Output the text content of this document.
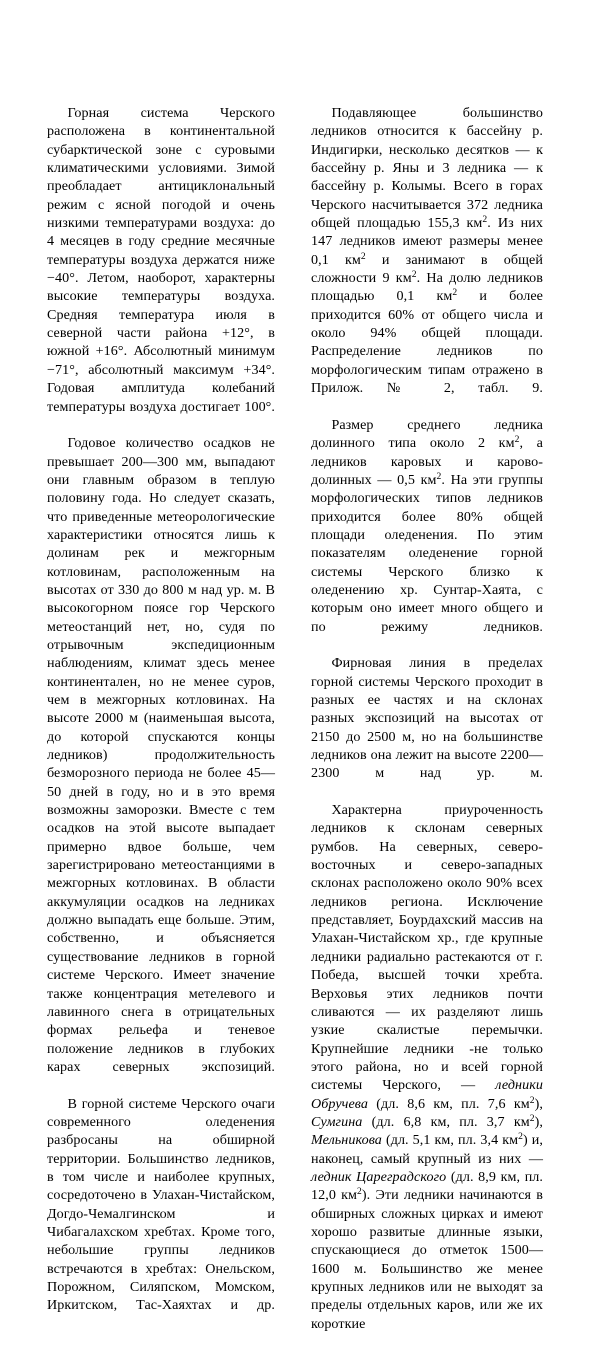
Горная система Черского расположена в континентальной субарктической зоне с суровыми климатическими условиями. Зимой преобладает антициклональный режим с ясной погодой и очень низкими температурами воздуха: до 4 месяцев в году средние месячные температуры воздуха держатся ниже −40°. Летом, наоборот, характерны высокие температуры воздуха. Средняя температура июля в северной части района +12°, в южной +16°. Абсолютный минимум −71°, абсолютный максимум +34°. Годовая амплитуда колебаний температуры воздуха достигает 100°.

Годовое количество осадков не превышает 200—300 мм, выпадают они главным образом в теплую половину года. Но следует сказать, что приведенные метеорологические характеристики относятся лишь к долинам рек и межгорным котловинам, расположенным на высотах от 330 до 800 м над ур. м. В высокогорном поясе гор Черского метеостанций нет, но, судя по отрывочным экспедиционным наблюдениям, климат здесь менее континентален, но не менее суров, чем в межгорных котловинах. На высоте 2000 м (наименьшая высота, до которой спускаются концы ледников) продолжительность безморозного периода не более 45—50 дней в году, но и в это время возможны заморозки. Вместе с тем осадков на этой высоте выпадает примерно вдвое больше, чем зарегистрировано метеостанциями в межгорных котловинах. В области аккумуляции осадков на ледниках должно выпадать еще больше. Этим, собственно, и объясняется существование ледников в горной системе Черского. Имеет значение также концентрация метелевого и лавинного снега в отрицательных формах рельефа и теневое положение ледников в глубоких карах северных экспозиций.

В горной системе Черского очаги современного оледенения разбросаны на обширной территории. Большинство ледников, в том числе и наиболее крупных, сосредоточено в Улахан-Чистайском, Догдо-Чемалгинском и Чибагалахском хребтах. Кроме того, небольшие группы ледников встречаются в хребтах: Онельском, Порожном, Силяпском, Момском, Иркитском, Тас-Хаяхтах и др.

Подавляющее большинство ледников относится к бассейну р. Индигирки, несколько десятков — к бассейну р. Яны и 3 ледника — к бассейну р. Колымы. Всего в горах Черского насчитывается 372 ледника общей площадью 155,3 $км^2$. Из них 147 ледников имеют размеры менее 0,1 $км^2$ и занимают в общей сложности 9 $км^2$. На долю ледников площадью 0,1 $км^2$ и более приходится 60% от общего числа и около 94% общей площади. Распределение ледников по морфологическим типам отражено в Прилож. № 2, табл. 9.

Размер среднего ледника долинного типа около 2 $км^2$, а ледников каровых и карово-долинных — 0,5 $км^2$. На эти группы морфологических типов ледников приходится более 80% общей площади оледенения. По этим показателям оледенение горной системы Черского близко к оледенению хр. Сунтар-Хаята, с которым оно имеет много общего и по режиму ледников.

Фирновая линия в пределах горной системы Черского проходит в разных ее частях и на склонах разных экспозиций на высотах от 2150 до 2500 м, но на большинстве ледников она лежит на высоте 2200—2300 м над ур. м.

Характерна приуроченность ледников к склонам северных румбов. На северных, северо-восточных и северо-западных склонах расположено около 90% всех ледников региона. Исключение представляет, Боурдахский массив на Улахан-Чистайском хр., где крупные ледники радиально растекаются от г. Победа, высшей точки хребта. Верховья этих ледников почти сливаются — их разделяют лишь узкие скалистые перемычки. Крупнейшие ледники -не только этого района, но и всей горной системы Черского, — ледники Обручева (дл. 8,6 км, пл. 7,6 $км^2$), Сумгина (дл. 6,8 км, пл. 3,7 $км^2$), Мельникова (дл. 5,1 км, пл. 3,4 $км^2$) и, наконец, самый крупный из них — ледник Цареградского (дл. 8,9 км, пл. 12,0 $км^2$). Эти ледники начинаются в обширных сложных цирках и имеют хорошо развитые длинные языки, спускающиеся до отметок 1500—1600 м. Большинство же менее крупных ледников или не выходят за пределы отдельных каров, или же их короткие
